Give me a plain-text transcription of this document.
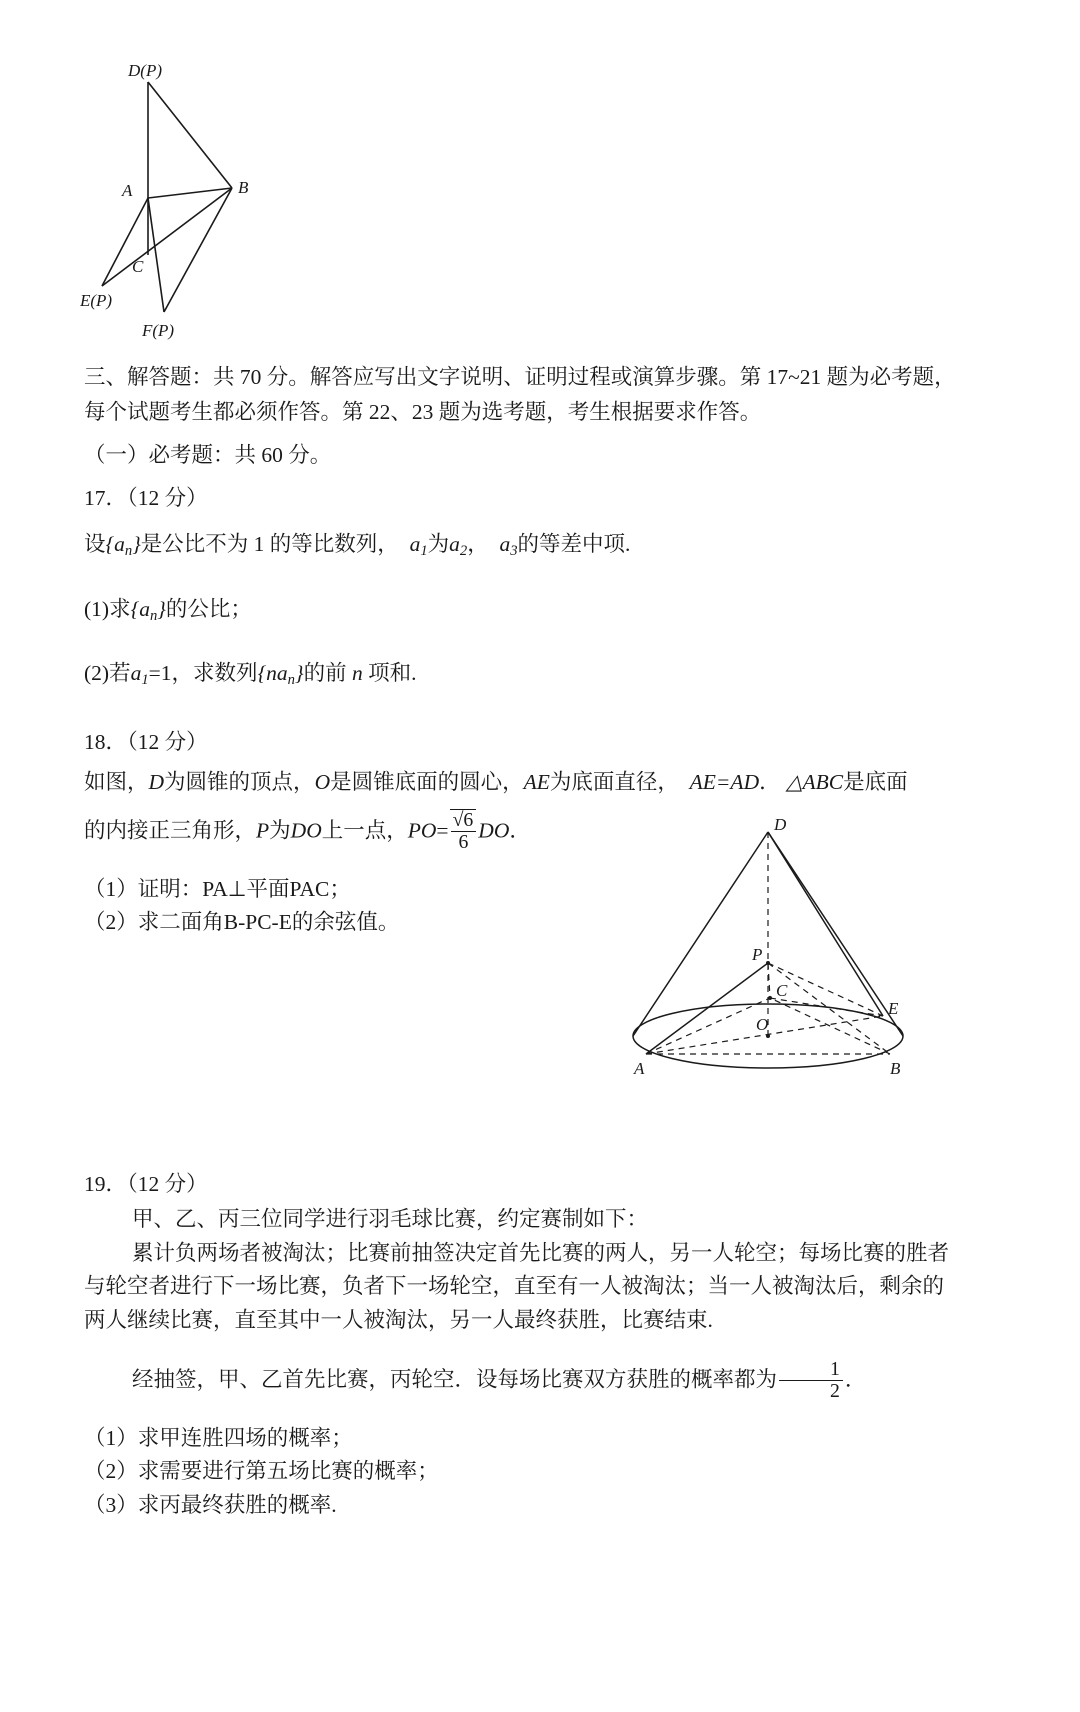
D(P)
A	B
C
E(P)
F(P)
三、解答题：共 70 分。解答应写出文字说明、证明过程或演算步骤。第 17~21 题为必考题，
每个试题考生都必须作答。第 22、23 题为选考题，考生根据要求作答。
（一）必考题：共 60 分。
17．（12 分）
设$\{a_n\}$是公比不为 1 的等比数列， $a_1$为$a_2$， $a_3$的等差中项.
(1)求$\{a_n\}$的公比；
(2)若$a_1=1$，求数列$\{na_n\}$的前 n 项和.
18．（12 分）
如图，D为圆锥的顶点，O是圆锥底面的圆心，AE为底面直径， AE=AD． △ABC是底面
的内接正三角形，P为DO上一点，$PO= \frac{√6}{6}$ DO．
（1）证明：PA⊥平面PAC；
（2）求二面角B-PC-E的余弦值。
19．（12 分）
甲、乙、丙三位同学进行羽毛球比赛，约定赛制如下：
累计负两场者被淘汰；比赛前抽签决定首先比赛的两人，另一人轮空；每场比赛的胜者
与轮空者进行下一场比赛，负者下一场轮空，直至有一人被淘汰；当一人被淘汰后，剩余的
两人继续比赛，直至其中一人被淘汰，另一人最终获胜，比赛结束.
经抽签，甲、乙首先比赛，丙轮空．设每场比赛双方获胜的概率都为 $\frac{1}{2}$ ．
（1）求甲连胜四场的概率；
（2）求需要进行第五场比赛的概率；
（3）求丙最终获胜的概率.
D
P
C
O
E
A	B
